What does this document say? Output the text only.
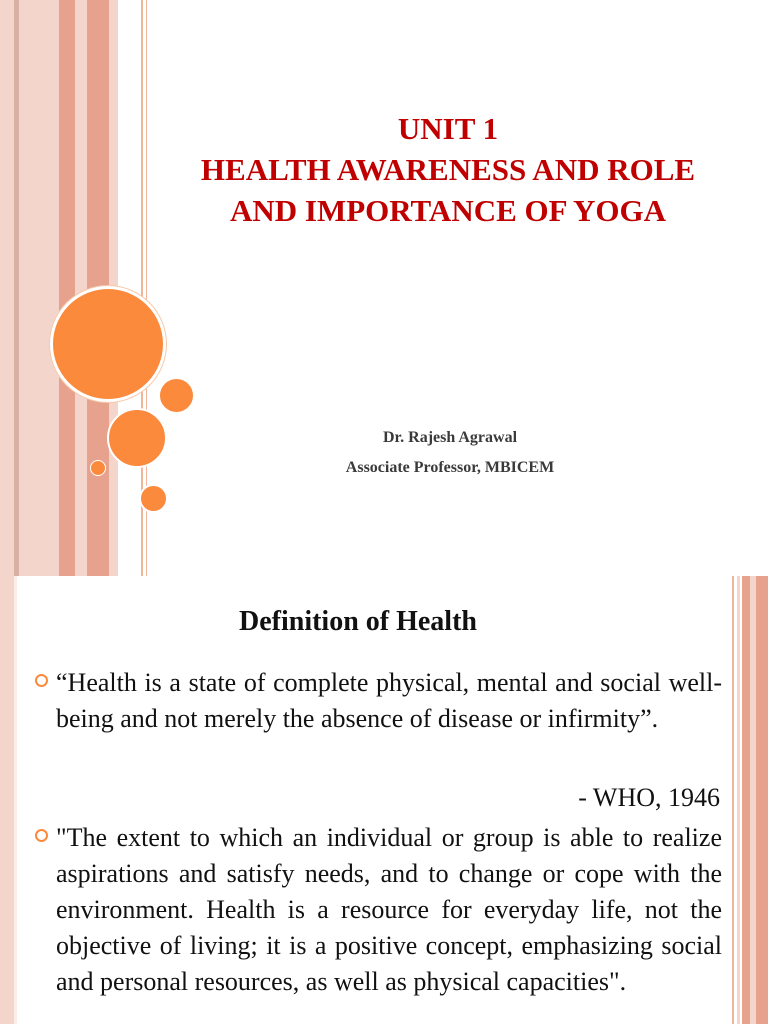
UNIT 1
HEALTH AWARENESS AND ROLE
AND IMPORTANCE OF YOGA
Dr. Rajesh Agrawal
Associate Professor, MBICEM
Definition of Health
“Health is a state of complete physical, mental and social well-being and not merely the absence of disease or infirmity”.
- WHO, 1946
"The extent to which an individual or group is able to realize aspirations and satisfy needs, and to change or cope with the environment. Health is a resource for everyday life, not the objective of living; it is a positive concept, emphasizing social and personal resources, as well as physical capacities".
